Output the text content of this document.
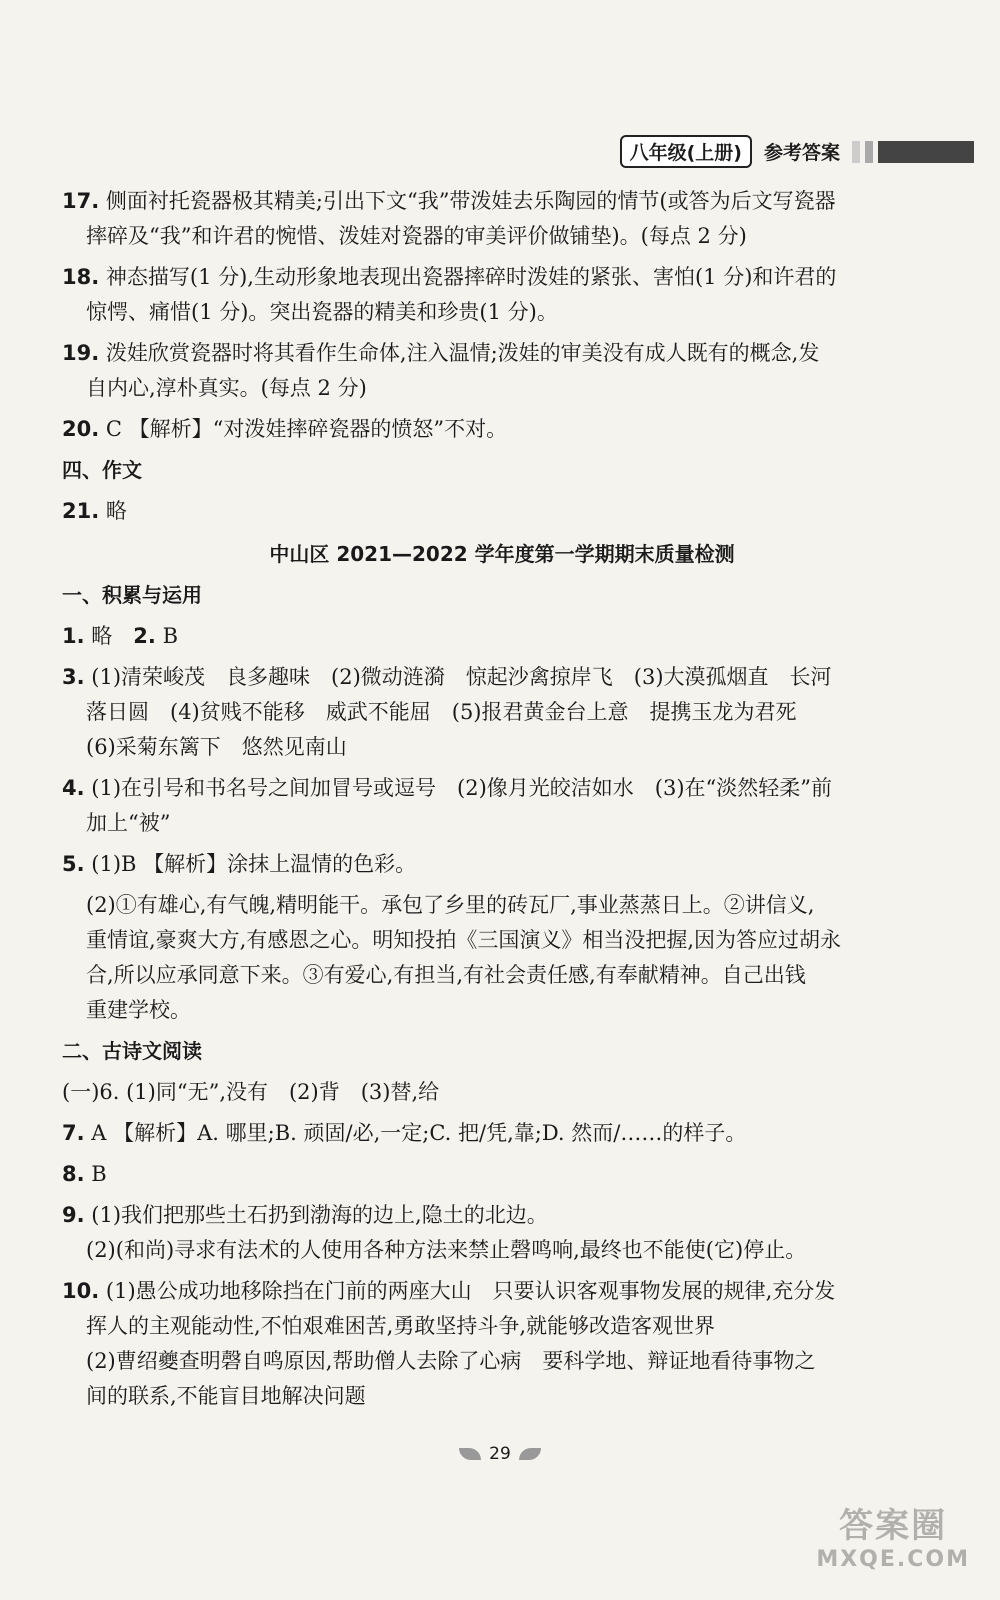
八年级(上册)	参考答案

17. 侧面衬托瓷器极其精美;引出下文“我”带泼娃去乐陶园的情节(或答为后文写瓷器

摔碎及“我”和许君的惋惜、泼娃对瓷器的审美评价做铺垫)。(每点 2 分)

18. 神态描写(1 分),生动形象地表现出瓷器摔碎时泼娃的紧张、害怕(1 分)和许君的

惊愕、痛惜(1 分)。突出瓷器的精美和珍贵(1 分)。

19. 泼娃欣赏瓷器时将其看作生命体,注入温情;泼娃的审美没有成人既有的概念,发

自内心,淳朴真实。(每点 2 分)

20. C 【解析】“对泼娃摔碎瓷器的愤怒”不对。

四、作文

21. 略

中山区 2021—2022 学年度第一学期期末质量检测

一、积累与运用

1. 略　 2. B

3. (1)清荣峻茂　良多趣味　(2)微动涟漪　惊起沙禽掠岸飞　(3)大漠孤烟直　长河

落日圆　(4)贫贱不能移　威武不能屈　(5)报君黄金台上意　提携玉龙为君死

(6)采菊东篱下　悠然见南山

4. (1)在引号和书名号之间加冒号或逗号　(2)像月光皎洁如水　(3)在“淡然轻柔”前

加上“被”

5. (1)B 【解析】涂抹上温情的色彩。

(2)①有雄心,有气魄,精明能干。承包了乡里的砖瓦厂,事业蒸蒸日上。②讲信义,

重情谊,豪爽大方,有感恩之心。明知投拍《三国演义》相当没把握,因为答应过胡永

合,所以应承同意下来。③有爱心,有担当,有社会责任感,有奉献精神。自己出钱

重建学校。

二、古诗文阅读

(一)6. (1)同“无”,没有　(2)背　(3)替,给

7. A 【解析】A. 哪里;B. 顽固/必,一定;C. 把/凭,靠;D. 然而/……的样子。

8. B

9. (1)我们把那些土石扔到渤海的边上,隐土的北边。

(2)(和尚)寻求有法术的人使用各种方法来禁止磬鸣响,最终也不能使(它)停止。

10. (1)愚公成功地移除挡在门前的两座大山　只要认识客观事物发展的规律,充分发

挥人的主观能动性,不怕艰难困苦,勇敢坚持斗争,就能够改造客观世界

(2)曹绍夔查明磬自鸣原因,帮助僧人去除了心病　要科学地、辩证地看待事物之

间的联系,不能盲目地解决问题

29
答案圈
MXQE.COM
